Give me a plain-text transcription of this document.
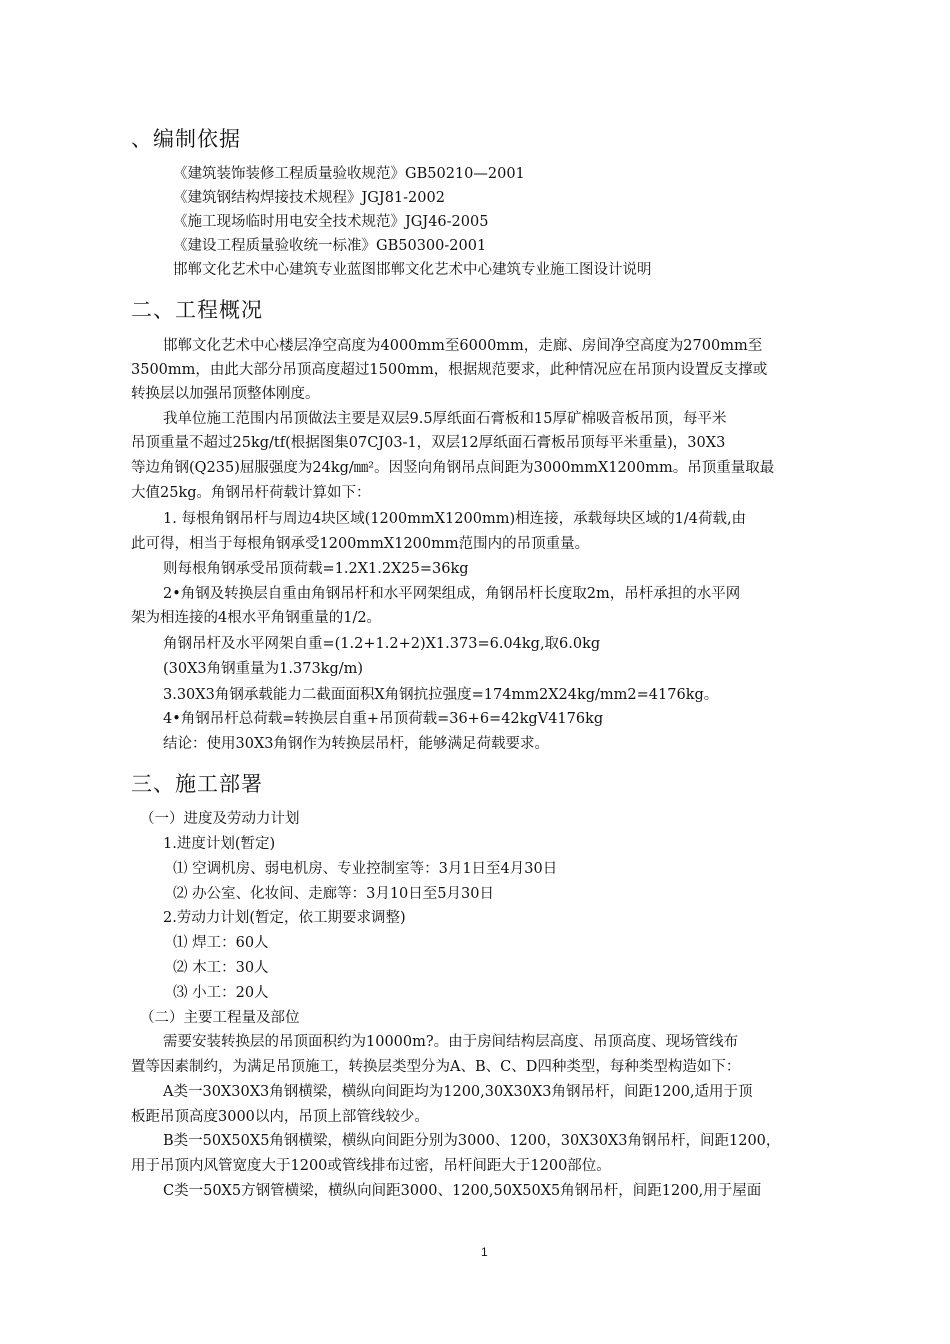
、编制依据
《建筑装饰装修工程质量验收规范》GB50210—2001
《建筑钢结构焊接技术规程》JGJ81-2002
《施工现场临时用电安全技术规范》JGJ46-2005
《建设工程质量验收统一标准》GB50300-2001
邯郸文化艺术中心建筑专业蓝图邯郸文化艺术中心建筑专业施工图设计说明
二、工程概况
邯郸文化艺术中心楼层净空高度为4000mm至6000mm，走廊、房间净空高度为2700mm至
3500mm，由此大部分吊顶高度超过1500mm，根据规范要求，此种情况应在吊顶内设置反支撑或
转换层以加强吊顶整体刚度。
我单位施工范围内吊顶做法主要是双层9.5厚纸面石膏板和15厚矿棉吸音板吊顶，每平米
吊顶重量不超过25kg/tf(根据图集07CJ03-1，双层12厚纸面石膏板吊顶每平米重量)，30X3
等边角钢(Q235)屈服强度为24kg/㎜²。因竖向角钢吊点间距为3000mmX1200mm。吊顶重量取最
大值25kg。角钢吊杆荷载计算如下：
1. 每根角钢吊杆与周边4块区域(1200mmX1200mm)相连接，承载每块区域的1/4荷载,由
此可得，相当于每根角钢承受1200mmX1200mm范围内的吊顶重量。
则每根角钢承受吊顶荷载=1.2X1.2X25=36kg
2•角钢及转换层自重由角钢吊杆和水平网架组成，角钢吊杆长度取2m，吊杆承担的水平网
架为相连接的4根水平角钢重量的1/2。
角钢吊杆及水平网架自重=(1.2+1.2+2)X1.373=6.04kg,取6.0kg
(30X3角钢重量为1.373kg/m)
3.30X3角钢承载能力二截面面积X角钢抗拉强度=174mm2X24kg/mm2=4176kg。
4•角钢吊杆总荷载=转换层自重+吊顶荷载=36+6=42kgV4176kg
结论：使用30X3角钢作为转换层吊杆，能够满足荷载要求。
三、施工部署
（一）进度及劳动力计划
1.进度计划(暂定)
⑴ 空调机房、弱电机房、专业控制室等：3月1日至4月30日
⑵ 办公室、化妆间、走廊等：3月10日至5月30日
2.劳动力计划(暂定，依工期要求调整)
⑴ 焊工：60人
⑵ 木工：30人
⑶ 小工：20人
（二）主要工程量及部位
需要安装转换层的吊顶面积约为10000m?。由于房间结构层高度、吊顶高度、现场管线布
置等因素制约，为满足吊顶施工，转换层类型分为A、B、C、D四种类型，每种类型构造如下：
A类一30X30X3角钢横梁，横纵向间距均为1200,30X30X3角钢吊杆，间距1200,适用于顶
板距吊顶高度3000以内，吊顶上部管线较少。
B类一50X50X5角钢横梁，横纵向间距分别为3000、1200，30X30X3角钢吊杆，间距1200，
用于吊顶内风管宽度大于1200或管线排布过密，吊杆间距大于1200部位。
C类一50X5方钢管横梁，横纵向间距3000、1200,50X50X5角钢吊杆，间距1200,用于屋面
1
